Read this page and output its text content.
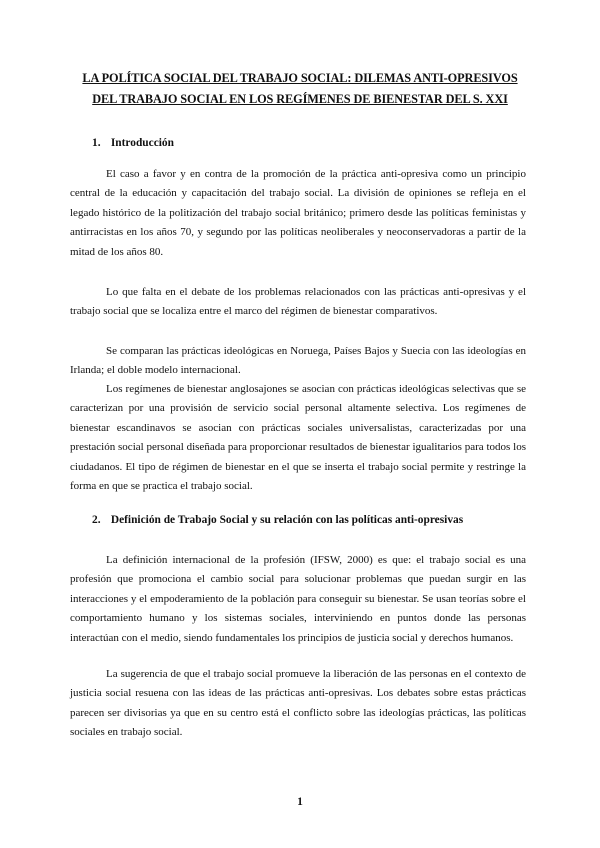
LA POLÍTICA SOCIAL DEL TRABAJO SOCIAL: DILEMAS ANTI-OPRESIVOS
DEL TRABAJO SOCIAL EN LOS REGÍMENES DE BIENESTAR DEL S. XXI
1. Introducción

El caso a favor y en contra de la promoción de la práctica anti-opresiva como un principio central de la educación y capacitación del trabajo social. La división de opiniones se refleja en el legado histórico de la politización del trabajo social británico; primero desde las políticas feministas y antirracistas en los años 70, y segundo por las políticas neoliberales y neoconservadoras a partir de la mitad de los años 80.

Lo que falta en el debate de los problemas relacionados con las prácticas anti-opresivas y el trabajo social que se localiza entre el marco del régimen de bienestar comparativos.

Se comparan las prácticas ideológicas en Noruega, Países Bajos y Suecia con las ideologías en Irlanda; el doble modelo internacional.

Los regímenes de bienestar anglosajones se asocian con prácticas ideológicas selectivas que se caracterizan por una provisión de servicio social personal altamente selectiva. Los regímenes de bienestar escandinavos se asocian con prácticas sociales universalistas, caracterizadas por una prestación social personal diseñada para proporcionar resultados de bienestar igualitarios para todos los ciudadanos. El tipo de régimen de bienestar en el que se inserta el trabajo social permite y restringe la forma en que se practica el trabajo social.

2. Definición de Trabajo Social y su relación con las políticas anti-opresivas

La definición internacional de la profesión (IFSW, 2000) es que: el trabajo social es una profesión que promociona el cambio social para solucionar problemas que puedan surgir en las interacciones y el empoderamiento de la población para conseguir su bienestar. Se usan teorías sobre el comportamiento humano y los sistemas sociales, interviniendo en puntos donde las personas interactúan con el medio, siendo fundamentales los principios de justicia social y derechos humanos.

La sugerencia de que el trabajo social promueve la liberación de las personas en el contexto de justicia social resuena con las ideas de las prácticas anti-opresivas. Los debates sobre estas prácticas parecen ser divisorias ya que en su centro está el conflicto sobre las ideologías prácticas, las políticas sociales en trabajo social.

1
